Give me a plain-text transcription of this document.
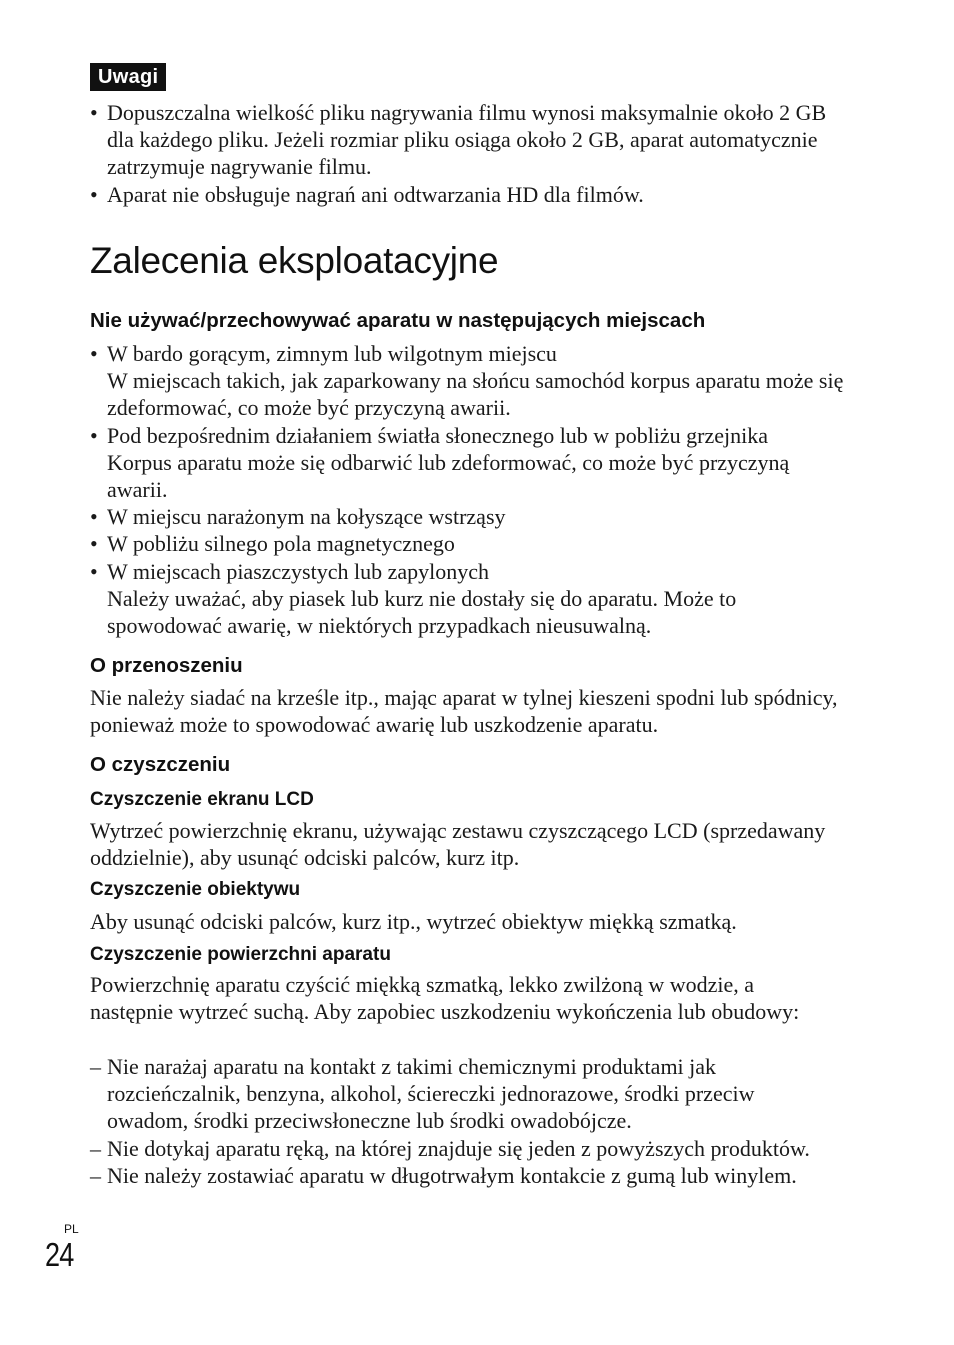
Uwagi
• Dopuszczalna wielkość pliku nagrywania filmu wynosi maksymalnie około 2 GB dla każdego pliku. Jeżeli rozmiar pliku osiąga około 2 GB, aparat automatycznie zatrzymuje nagrywanie filmu.
• Aparat nie obsługuje nagrań ani odtwarzania HD dla filmów.
Zalecenia eksploatacyjne
Nie używać/przechowywać aparatu w następujących miejscach
• W bardo gorącym, zimnym lub wilgotnym miejscu
W miejscach takich, jak zaparkowany na słońcu samochód korpus aparatu może się zdeformować, co może być przyczyną awarii.
• Pod bezpośrednim działaniem światła słonecznego lub w pobliżu grzejnika
Korpus aparatu może się odbarwić lub zdeformować, co może być przyczyną awarii.
• W miejscu narażonym na kołyszące wstrząsy
• W pobliżu silnego pola magnetycznego
• W miejscach piaszczystych lub zapylonych
Należy uważać, aby piasek lub kurz nie dostały się do aparatu. Może to spowodować awarię, w niektórych przypadkach nieusuwalną.
O przenoszeniu
Nie należy siadać na krześle itp., mając aparat w tylnej kieszeni spodni lub spódnicy, ponieważ może to spowodować awarię lub uszkodzenie aparatu.
O czyszczeniu
Czyszczenie ekranu LCD
Wytrzeć powierzchnię ekranu, używając zestawu czyszczącego LCD (sprzedawany oddzielnie), aby usunąć odciski palców, kurz itp.
Czyszczenie obiektywu
Aby usunąć odciski palców, kurz itp., wytrzeć obiektyw miękką szmatką.
Czyszczenie powierzchni aparatu
Powierzchnię aparatu czyścić miękką szmatką, lekko zwilżoną w wodzie, a następnie wytrzeć suchą. Aby zapobiec uszkodzeniu wykończenia lub obudowy:
– Nie narażaj aparatu na kontakt z takimi chemicznymi produktami jak rozcieńczalnik, benzyna, alkohol, ściereczki jednorazowe, środki przeciw owadom, środki przeciwsłoneczne lub środki owadobójcze.
– Nie dotykaj aparatu ręką, na której znajduje się jeden z powyższych produktów.
– Nie należy zostawiać aparatu w długotrwałym kontakcie z gumą lub winylem.
PL
24
